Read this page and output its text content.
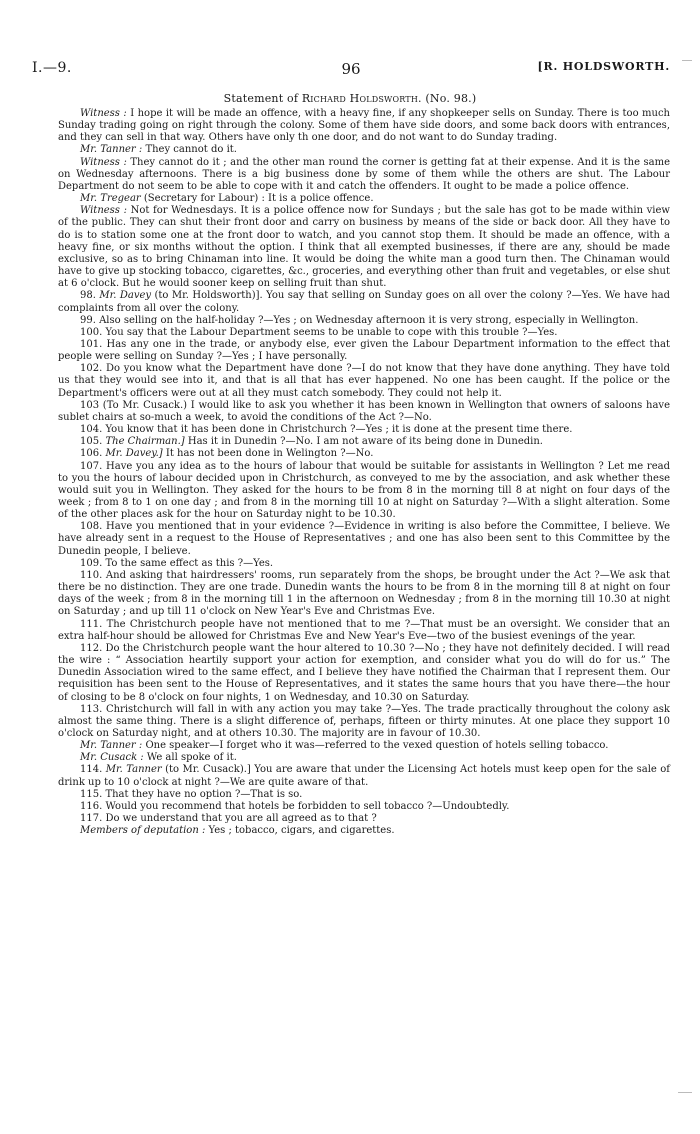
I.—9.	96	[R. HOLDSWORTH.
Statement of Richard Holdsworth. (No. 98.)

Witness : I hope it will be made an offence, with a heavy fine, if any shopkeeper sells on Sunday. There is too much Sunday trading going on right through the colony. Some of them have side doors, and some back doors with entrances, and they can sell in that way. Others have only th one door, and do not want to do Sunday trading.

Mr. Tanner : They cannot do it.

Witness : They cannot do it ; and the other man round the corner is getting fat at their expense. And it is the same on Wednesday afternoons. There is a big business done by some of them while the others are shut. The Labour Department do not seem to be able to cope with it and catch the offenders. It ought to be made a police offence.

Mr. Tregear (Secretary for Labour) : It is a police offence.

Witness : Not for Wednesdays. It is a police offence now for Sundays ; but the sale has got to be made within view of the public. They can shut their front door and carry on business by means of the side or back door. All they have to do is to station some one at the front door to watch, and you cannot stop them. It should be made an offence, with a heavy fine, or six months without the option. I think that all exempted businesses, if there are any, should be made exclusive, so as to bring Chinaman into line. It would be doing the white man a good turn then. The Chinaman would have to give up stocking tobacco, cigarettes, &c., groceries, and everything other than fruit and vegetables, or else shut at 6 o'clock. But he would sooner keep on selling fruit than shut.

98. Mr. Davey (to Mr. Holdsworth)]. You say that selling on Sunday goes on all over the colony ?—Yes. We have had complaints from all over the colony.

99. Also selling on the half-holiday ?—Yes ; on Wednesday afternoon it is very strong, especially in Wellington.

100. You say that the Labour Department seems to be unable to cope with this trouble ?—Yes.

101. Has any one in the trade, or anybody else, ever given the Labour Department information to the effect that people were selling on Sunday ?—Yes ; I have personally.

102. Do you know what the Department have done ?—I do not know that they have done anything. They have told us that they would see into it, and that is all that has ever happened. No one has been caught. If the police or the Department's officers were out at all they must catch somebody. They could not help it.

103 (To Mr. Cusack.) I would like to ask you whether it has been known in Wellington that owners of saloons have sublet chairs at so-much a week, to avoid the conditions of the Act ?—No.

104. You know that it has been done in Christchurch ?—Yes ; it is done at the present time there.

105. The Chairman.] Has it in Dunedin ?—No. I am not aware of its being done in Dunedin.

106. Mr. Davey.] It has not been done in Welington ?—No.

107. Have you any idea as to the hours of labour that would be suitable for assistants in Wellington ? Let me read to you the hours of labour decided upon in Christchurch, as conveyed to me by the association, and ask whether these would suit you in Wellington. They asked for the hours to be from 8 in the morning till 8 at night on four days of the week ; from 8 to 1 on one day ; and from 8 in the morning till 10 at night on Saturday ?—With a slight alteration. Some of the other places ask for the hour on Saturday night to be 10.30.

108. Have you mentioned that in your evidence ?—Evidence in writing is also before the Committee, I believe. We have already sent in a request to the House of Representatives ; and one has also been sent to this Committee by the Dunedin people, I believe.

109. To the same effect as this ?—Yes.

110. And asking that hairdressers' rooms, run separately from the shops, be brought under the Act ?—We ask that there be no distinction. They are one trade. Dunedin wants the hours to be from 8 in the morning till 8 at night on four days of the week ; from 8 in the morning till 1 in the afternoon on Wednesday ; from 8 in the morning till 10.30 at night on Saturday ; and up till 11 o'clock on New Year's Eve and Christmas Eve.

111. The Christchurch people have not mentioned that to me ?—That must be an oversight. We consider that an extra half-hour should be allowed for Christmas Eve and New Year's Eve—two of the busiest evenings of the year.

112. Do the Christchurch people want the hour altered to 10.30 ?—No ; they have not definitely decided. I will read the wire : “ Association heartily support your action for exemption, and consider what you do will do for us.” The Dunedin Association wired to the same effect, and I believe they have notified the Chairman that I represent them. Our requisition has been sent to the House of Representatives, and it states the same hours that you have there—the hour of closing to be 8 o'clock on four nights, 1 on Wednesday, and 10.30 on Saturday.

113. Christchurch will fall in with any action you may take ?—Yes. The trade practically throughout the colony ask almost the same thing. There is a slight difference of, perhaps, fifteen or thirty minutes. At one place they support 10 o'clock on Saturday night, and at others 10.30. The majority are in favour of 10.30.

Mr. Tanner : One speaker—I forget who it was—referred to the vexed question of hotels selling tobacco.

Mr. Cusack : We all spoke of it.

114. Mr. Tanner (to Mr. Cusack).] You are aware that under the Licensing Act hotels must keep open for the sale of drink up to 10 o'clock at night ?—We are quite aware of that.

115. That they have no option ?—That is so.

116. Would you recommend that hotels be forbidden to sell tobacco ?—Undoubtedly.

117. Do we understand that you are all agreed as to that ?

Members of deputation : Yes ; tobacco, cigars, and cigarettes.
